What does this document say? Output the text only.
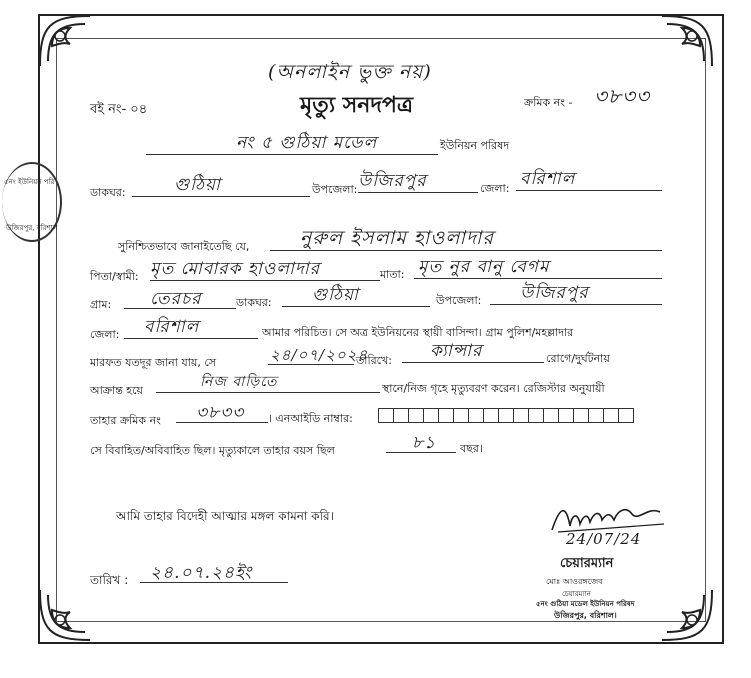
৫নং ইউনিয়ন পরি
উজিরপুর, বরিশাল
(অনলাইন ভুক্ত নয়)
বই নং- ০৪	মৃত্যু সনদপত্র	ক্রমিক নং - ৩৮৩৩
নং ৫ গুঠিয়া মডেল	ইউনিয়ন পরিষদ
ডাকঘর:	গুঠিয়া	উপজেলা: উজিরপুর	জেলা: বরিশাল
সুনিশ্চিতভাবে জানাইতেছি যে,	নুরুল ইসলাম হাওলাদার
পিতা/স্বামী: মৃত মোবারক হাওলাদার	মাতা: মৃত নুর বানু বেগম
গ্রাম: তেরচর	ডাকঘর: গুঠিয়া	উপজেলা: উজিরপুর
জেলা: বরিশাল	আমার পরিচিত। সে অত্র ইউনিয়নের স্থায়ী বাসিন্দা। গ্রাম পুলিশ/মহল্লাদার
মারফত যতদূর জানা যায়, সে	২৪/০৭/২০২৪
তারিখে: ক্যান্সার	রোগে/দুর্ঘটনায়
আক্রান্ত হয়ে
নিজ বাড়িতে	স্থানে/নিজ গৃহে মৃত্যুবরণ করেন। রেজিস্টার অনুযায়ী
তাহার ক্রমিক নং ৩৮৩৩ । এনআইডি নাম্বার:
সে বিবাহিত/অবিবাহিত ছিল। মৃত্যুকালে তাহার বয়স ছিল	৮১ বছর।
আমি তাহার বিদেহী আত্মার মঙ্গল কামনা করি।
24/07/24
চেয়ারম্যান
মোঃ আওরঙ্গজেব
চেয়ারম্যান
৫নং গুঠিয়া মডেল ইউনিয়ন পরিষদ
উজিরপুর, বরিশাল।
তারিখ : ২৪.০৭.২৪ইং
